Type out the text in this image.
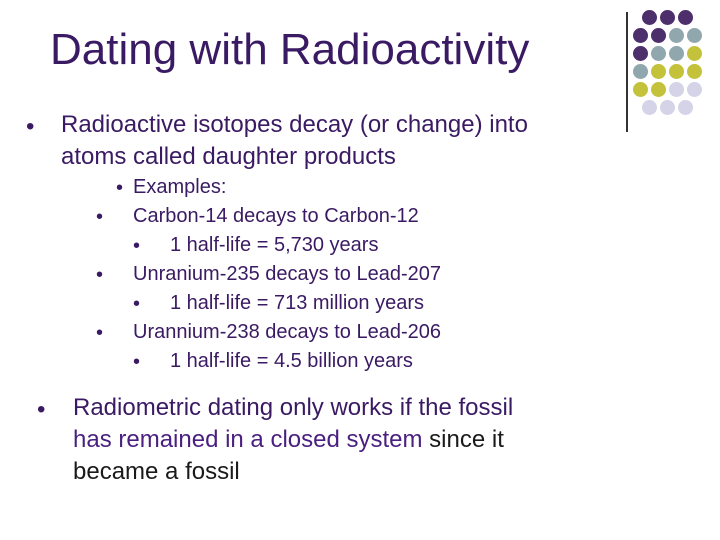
Dating with Radioactivity
• Radioactive isotopes decay (or change) into
atoms called daughter products
• Examples:
• Carbon-14 decays to Carbon-12
• 1 half-life = 5,730 years
• Unranium-235 decays to Lead-207
• 1 half-life = 713 million years
• Urannium-238 decays to Lead-206
• 1 half-life = 4.5 billion years
• Radiometric dating only works if the fossil
has remained in a closed system since it
became a fossil
